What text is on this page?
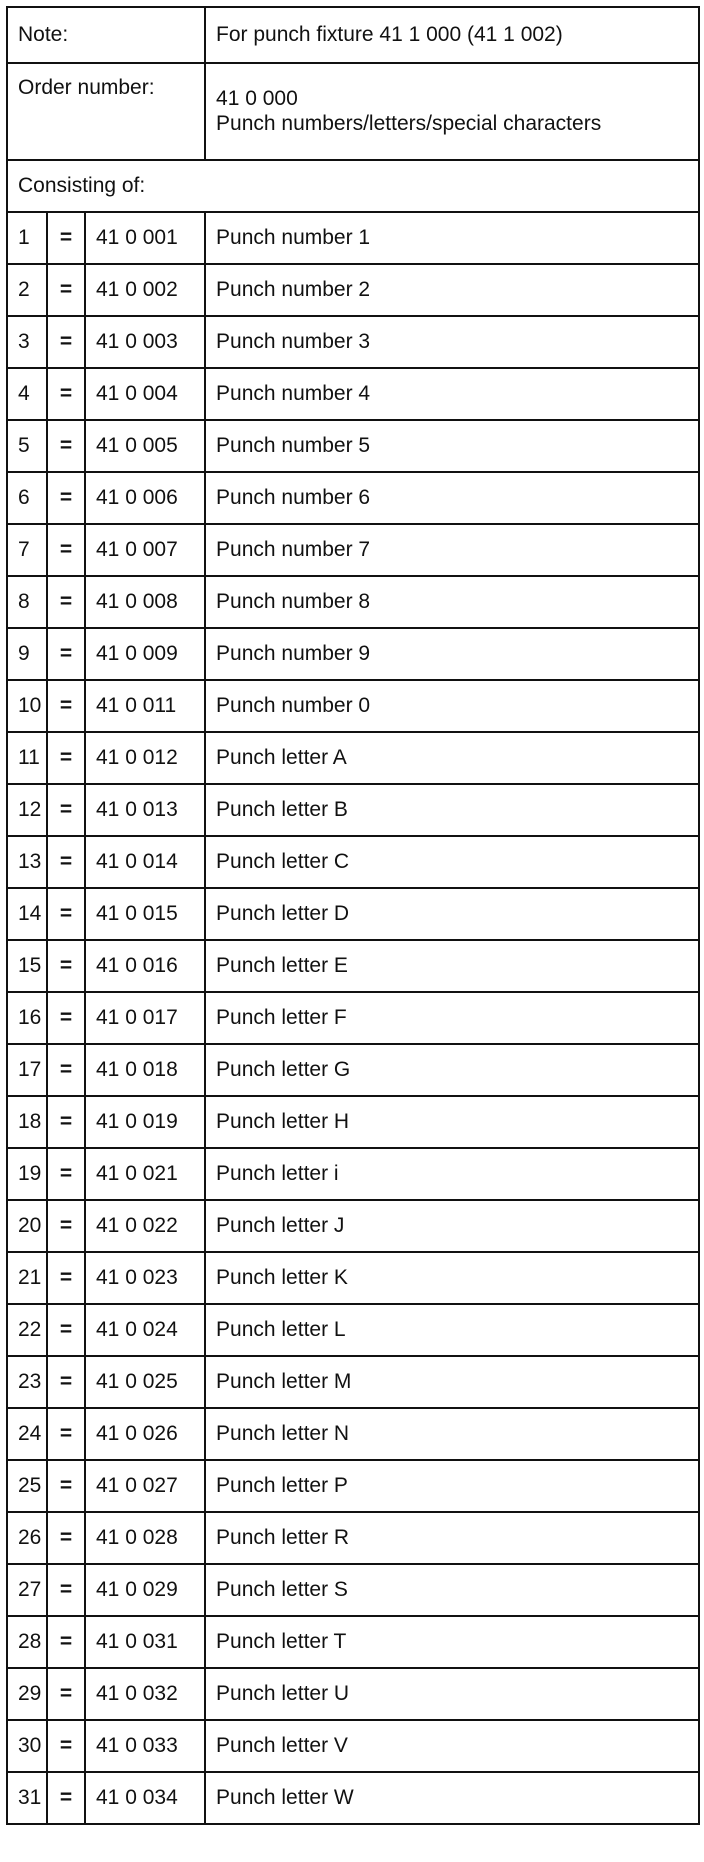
Note:			For punch fixture 41 1 000 (41 1 002)
Order number:			41 0 000
Punch numbers/letters/special characters

Consisting of:			
1	=	41 0 001	Punch number 1
2	=	41 0 002	Punch number 2
3	=	41 0 003	Punch number 3
4	=	41 0 004	Punch number 4
5	=	41 0 005	Punch number 5
6	=	41 0 006	Punch number 6
7	=	41 0 007	Punch number 7
8	=	41 0 008	Punch number 8
9	=	41 0 009	Punch number 9
10	=	41 0 011	Punch number 0
11	=	41 0 012	Punch letter A
12	=	41 0 013	Punch letter B
13	=	41 0 014	Punch letter C
14	=	41 0 015	Punch letter D
15	=	41 0 016	Punch letter E
16	=	41 0 017	Punch letter F
17	=	41 0 018	Punch letter G
18	=	41 0 019	Punch letter H
19	=	41 0 021	Punch letter i
20	=	41 0 022	Punch letter J
21	=	41 0 023	Punch letter K
22	=	41 0 024	Punch letter L
23	=	41 0 025	Punch letter M
24	=	41 0 026	Punch letter N
25	=	41 0 027	Punch letter P
26	=	41 0 028	Punch letter R
27	=	41 0 029	Punch letter S
28	=	41 0 031	Punch letter T
29	=	41 0 032	Punch letter U
30	=	41 0 033	Punch letter V
31	=	41 0 034	Punch letter W
